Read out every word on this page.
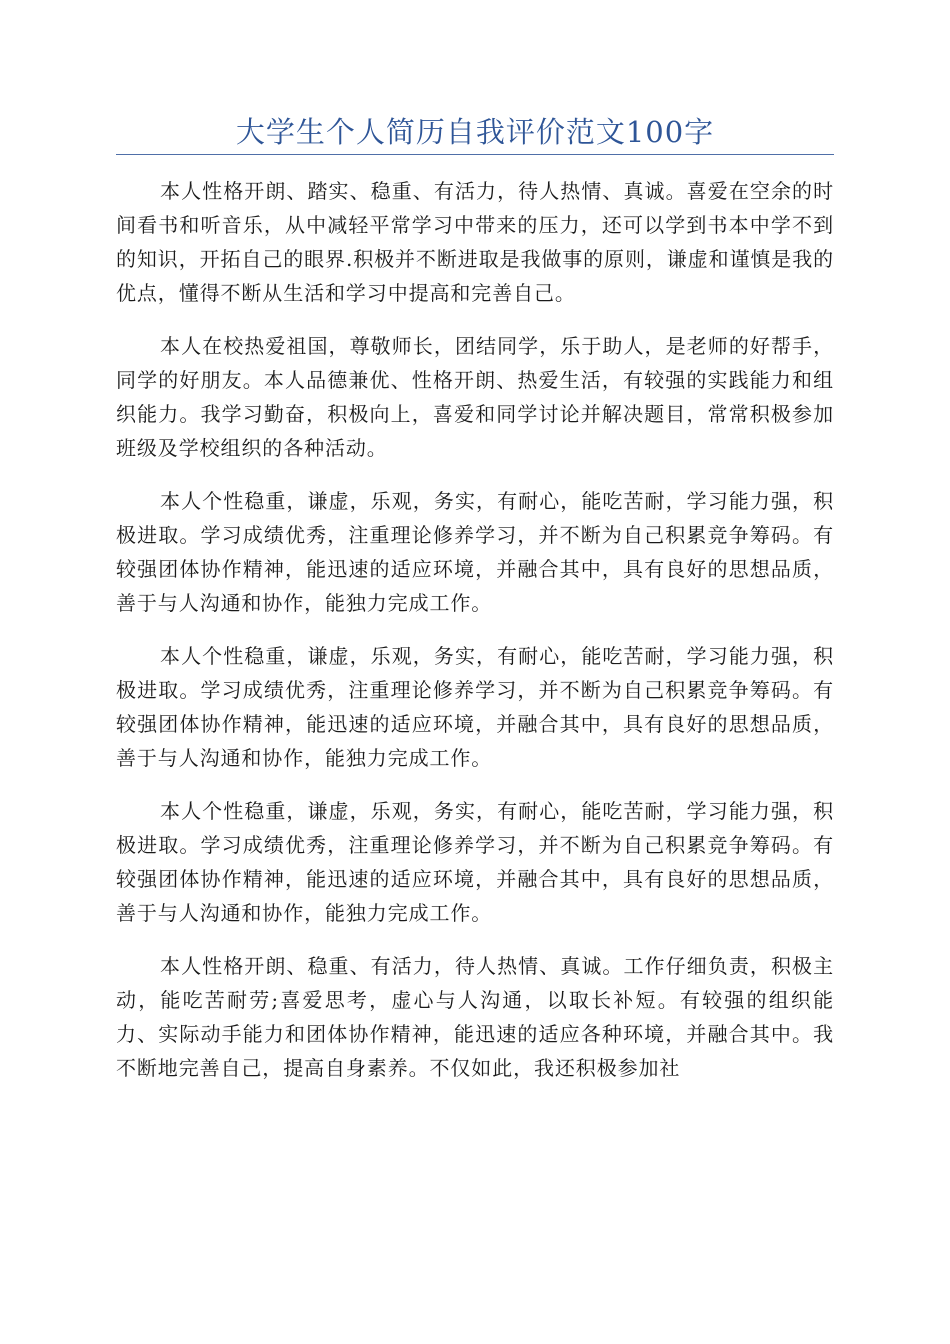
大学生个人简历自我评价范文100字

本人性格开朗、踏实、稳重、有活力，待人热情、真诚。喜爱在空余的时间看书和听音乐，从中减轻平常学习中带来的压力，还可以学到书本中学不到的知识，开拓自己的眼界.积极并不断进取是我做事的原则，谦虚和谨慎是我的优点，懂得不断从生活和学习中提高和完善自己。

本人在校热爱祖国，尊敬师长，团结同学，乐于助人，是老师的好帮手，同学的好朋友。本人品德兼优、性格开朗、热爱生活，有较强的实践能力和组织能力。我学习勤奋，积极向上，喜爱和同学讨论并解决题目，常常积极参加班级及学校组织的各种活动。

本人个性稳重，谦虚，乐观，务实，有耐心，能吃苦耐，学习能力强，积极进取。学习成绩优秀，注重理论修养学习，并不断为自己积累竞争筹码。有较强团体协作精神，能迅速的适应环境，并融合其中，具有良好的思想品质，善于与人沟通和协作，能独力完成工作。

本人个性稳重，谦虚，乐观，务实，有耐心，能吃苦耐，学习能力强，积极进取。学习成绩优秀，注重理论修养学习，并不断为自己积累竞争筹码。有较强团体协作精神，能迅速的适应环境，并融合其中，具有良好的思想品质，善于与人沟通和协作，能独力完成工作。

本人个性稳重，谦虚，乐观，务实，有耐心，能吃苦耐，学习能力强，积极进取。学习成绩优秀，注重理论修养学习，并不断为自己积累竞争筹码。有较强团体协作精神，能迅速的适应环境，并融合其中，具有良好的思想品质，善于与人沟通和协作，能独力完成工作。

本人性格开朗、稳重、有活力，待人热情、真诚。工作仔细负责，积极主动，能吃苦耐劳;喜爱思考，虚心与人沟通，以取长补短。有较强的组织能力、实际动手能力和团体协作精神，能迅速的适应各种环境，并融合其中。我不断地完善自己，提高自身素养。不仅如此，我还积极参加社
